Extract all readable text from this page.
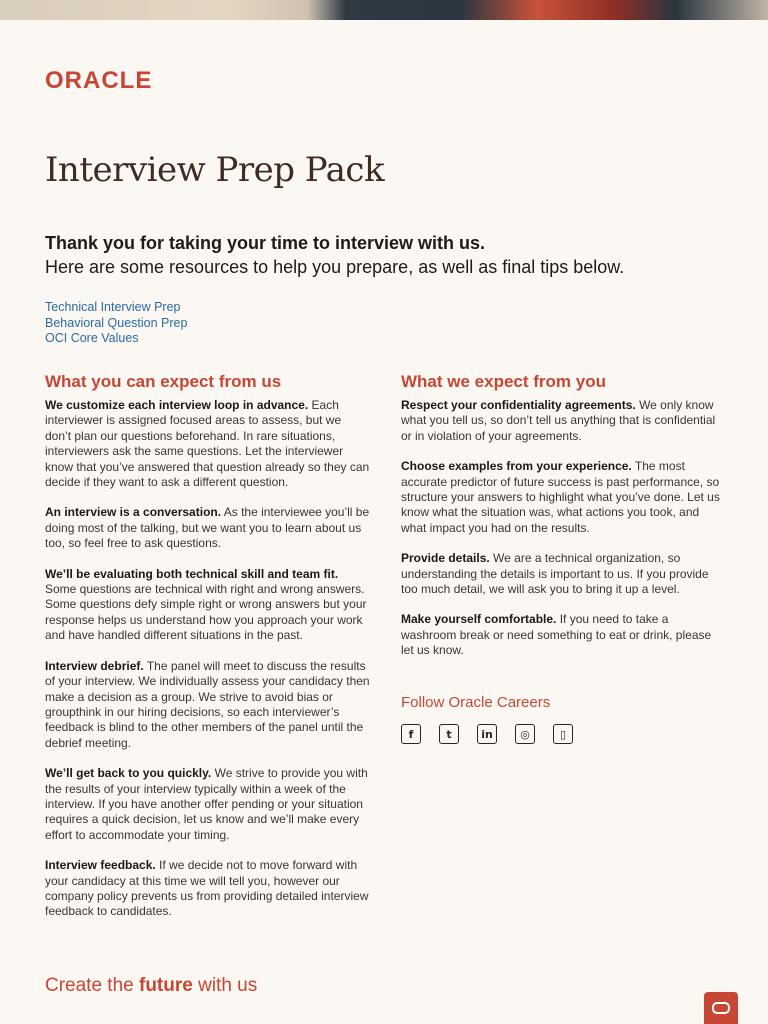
ORACLE
Interview Prep Pack
Thank you for taking your time to interview with us.
Here are some resources to help you prepare, as well as final tips below.
Technical Interview Prep
Behavioral Question Prep
OCI Core Values
What you can expect from us

We customize each interview loop in advance. Each interviewer is assigned focused areas to assess, but we don’t plan our questions beforehand. In rare situations, interviewers ask the same questions. Let the interviewer know that you’ve answered that question already so they can decide if they want to ask a different question.

An interview is a conversation. As the interviewee you’ll be doing most of the talking, but we want you to learn about us too, so feel free to ask questions.

We’ll be evaluating both technical skill and team fit. Some questions are technical with right and wrong answers. Some questions defy simple right or wrong answers but your response helps us understand how you approach your work and have handled different situations in the past.

Interview debrief. The panel will meet to discuss the results of your interview. We individually assess your candidacy then make a decision as a group. We strive to avoid bias or groupthink in our hiring decisions, so each interviewer’s feedback is blind to the other members of the panel until the debrief meeting.

We’ll get back to you quickly. We strive to provide you with the results of your interview typically within a week of the interview. If you have another offer pending or your situation requires a quick decision, let us know and we’ll make every effort to accommodate your timing.

Interview feedback. If we decide not to move forward with your candidacy at this time we will tell you, however our company policy prevents us from providing detailed interview feedback to candidates.

What we expect from you

Respect your confidentiality agreements. We only know what you tell us, so don’t tell us anything that is confidential or in violation of your agreements.

Choose examples from your experience. The most accurate predictor of future success is past performance, so structure your answers to highlight what you’ve done. Let us know what the situation was, what actions you took, and what impact you had on the results.

Provide details. We are a technical organization, so understanding the details is important to us. If you provide too much detail, we will ask you to bring it up a level.

Make yourself comfortable. If you need to take a washroom break or need something to eat or drink, please let us know.

Follow Oracle Careers
f	t	in	◎	▯
Create the future with us
